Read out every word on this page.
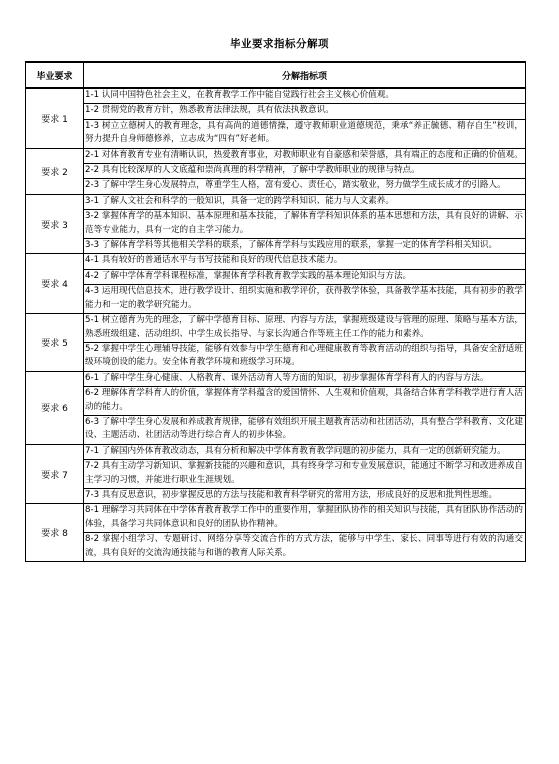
毕业要求指标分解项
毕业要求	分解指标项
要求 1	1-1 认同中国特色社会主义，在教育教学工作中能自觉践行社会主义核心价值观。
1-2 贯彻党的教育方针，熟悉教育法律法规，具有依法执教意识。
1-3 树立立德树人的教育理念，具有高尚的道德情操，遵守教师职业道德规范，秉承“养正毓德、精存自生”校训，努力提升自身师德修养，立志成为“四有”好老师。

要求 2	2-1 对体育教育专业有清晰认识，热爱教育事业，对教师职业有自豪感和荣誉感，具有端正的态度和正确的价值观。
2-2 具有比较深厚的人文底蕴和崇尚真理的科学精神，了解中学教师职业的规律与特点。
2-3 了解中学生身心发展特点，尊重学生人格，富有爱心、责任心，踏实敬业，努力做学生成长成才的引路人。

要求 3	3-1 了解人文社会和科学的一般知识，具备一定的跨学科知识、能力与人文素养。
3-2 掌握体育学的基本知识、基本原理和基本技能，了解体育学科知识体系的基本思想和方法，具有良好的讲解、示范等专业能力，具有一定的自主学习能力。
3-3 了解体育学科等其他相关学科的联系，了解体育学科与实践应用的联系，掌握一定的体育学科相关知识。

要求 4	4-1 具有较好的普通话水平与书写技能和良好的现代信息技术能力。
4-2 了解中学体育学科课程标准，掌握体育学科教育教学实践的基本理论知识与方法。
4-3 运用现代信息技术，进行教学设计、组织实施和教学评价，获得教学体验，具备教学基本技能，具有初步的教学能力和一定的教学研究能力。

要求 5	5-1 树立德育为先的理念，了解中学德育目标、原理、内容与方法，掌握班级建设与管理的原理、策略与基本方法，熟悉班级组建、活动组织、中学生成长指导、与家长沟通合作等班主任工作的能力和素养。
5-2 掌握中学生心理辅导技能，能够有效参与中学生德育和心理健康教育等教育活动的组织与指导，具备安全舒适班级环境创设的能力。安全体育教学环境和班级学习环境。

要求 6	6-1 了解中学生身心健康、人格教育、课外活动育人等方面的知识，初步掌握体育学科育人的内容与方法。
6-2 理解体育学科育人的价值，掌握体育学科蕴含的爱国情怀、人生观和价值观，具备结合体育学科教学进行育人活动的能力。
6-3 了解中学生身心发展和养成教育规律，能够有效组织开展主题教育活动和社团活动，具有整合学科教育、文化建设、主题活动、社团活动等进行综合育人的初步体验。

要求 7	7-1 了解国内外体育教改动态，具有分析和解决中学体育教育教学问题的初步能力，具有一定的创新研究能力。
7-2 具有主动学习新知识、掌握新技能的兴趣和意识，具有终身学习和专业发展意识，能通过不断学习和改进养成自主学习的习惯，并能进行职业生涯规划。
7-3 具有反思意识，初步掌握反思的方法与技能和教育科学研究的常用方法，形成良好的反思和批判性思维。

要求 8	8-1 理解学习共同体在中学体育教育教学工作中的重要作用，掌握团队协作的相关知识与技能，具有团队协作活动的体验，具备学习共同体意识和良好的团队协作精神。
8-2 掌握小组学习、专题研讨、网络分享等交流合作的方式方法，能够与中学生、家长、同事等进行有效的沟通交流，具有良好的交流沟通技能与和谐的教育人际关系。
